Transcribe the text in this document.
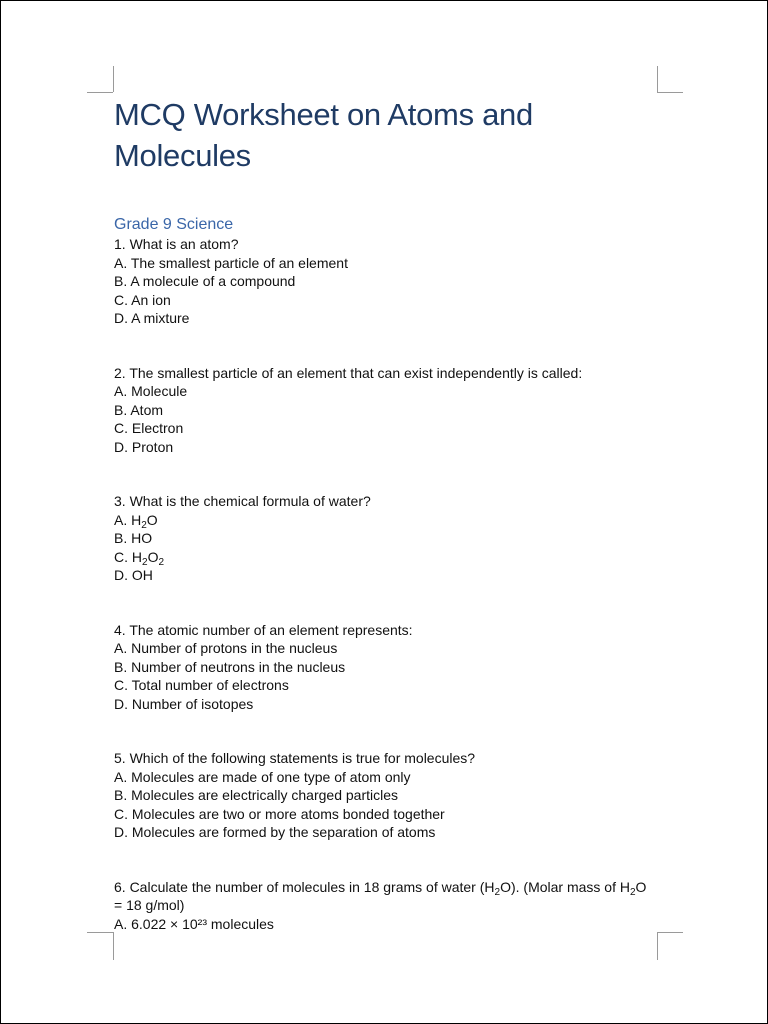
MCQ Worksheet on Atoms and Molecules
Grade 9 Science
1. What is an atom?
A. The smallest particle of an element
B. A molecule of a compound
C. An ion
D. A mixture
2. The smallest particle of an element that can exist independently is called:
A. Molecule
B. Atom
C. Electron
D. Proton
3. What is the chemical formula of water?
A. $H_2O$
B. HO
C. $H_2O_2$
D. OH
4. The atomic number of an element represents:
A. Number of protons in the nucleus
B. Number of neutrons in the nucleus
C. Total number of electrons
D. Number of isotopes
5. Which of the following statements is true for molecules?
A. Molecules are made of one type of atom only
B. Molecules are electrically charged particles
C. Molecules are two or more atoms bonded together
D. Molecules are formed by the separation of atoms
6. Calculate the number of molecules in 18 grams of water $(H_2O)$. (Molar mass of $H_2O = 18$ g/mol)
A. 6.022 × 10²³ molecules
